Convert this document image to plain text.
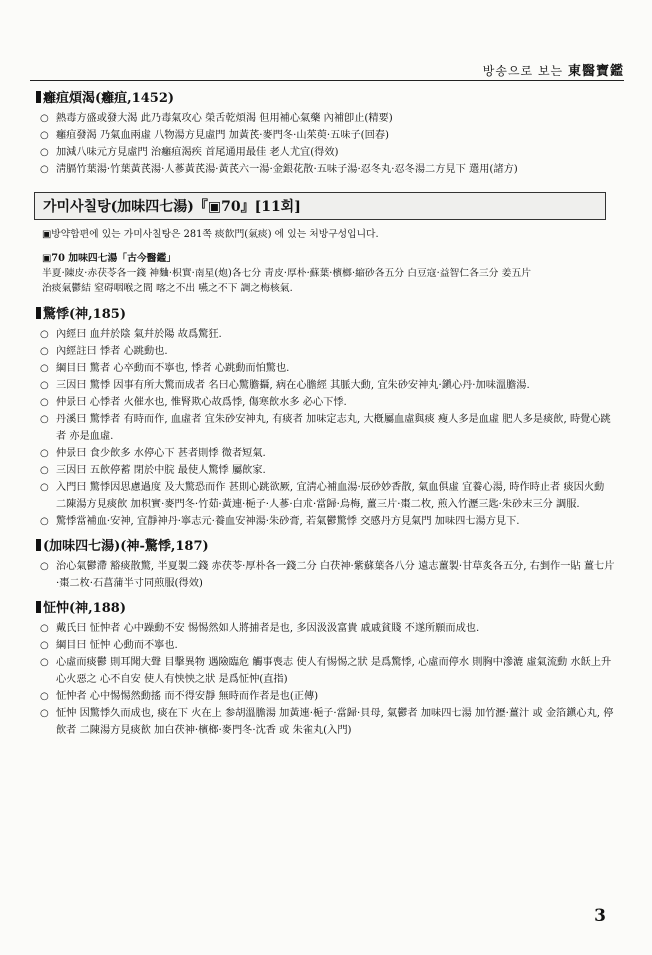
방송으로 보는 東醫寶鑑
癰疽煩渴(癰疽,1452)
○ 熱毒方盛或發大渴 此乃毒氣攻心 榮舌乾煩渴 但用補心氣藥 內補卽止(精要)
○ 癰疽發渴 乃氣血兩虛 八物湯方見虛門 加黃芪·麥門冬·山茱萸·五味子(回春)
○ 加減八味元方見虛門 治癰疽渴疾 首尾通用最佳 老人尤宜(得效)
○ 淸膈竹葉湯·竹葉黃芪湯·人蔘黃芪湯·黃芪六一湯·金銀花散·五味子湯·忍冬丸·忍冬湯二方見下 選用(諸方)
가미사칠탕(加味四七湯)『▣70』[11회]
▣방약합편에 있는 가미사칠탕은 281쪽 痰飮門(氣痰) 에 있는 처방구성입니다.
▣70 加味四七湯「古今醫鑑」
半夏·陳皮·赤茯苓各一錢 神麯·枳實·南星(炮)各七分 靑皮·厚朴·蘇葉·檳榔·縮砂各五分 白豆寇·益智仁各三分 姜五片
治痰氣鬱結 窒碍咽喉之間 喀之不出 嚥之不下 調之梅核氣.
驚悸(神,185)
○ 內經曰 血幷於陰 氣幷於陽 故爲驚狂.
○ 內經註曰 悸者 心跳動也.
○ 綱目曰 驚者 心卒動而不寧也, 悸者 心跳動而怕驚也.
○ 三因曰 驚悸 因事有所大驚而成者 名曰心驚膽攝, 病在心膽經 其脈大動, 宜朱砂安神丸·鎭心丹·加味溫膽湯.
○ 仲景曰 心悸者 火催水也, 惟腎欺心故爲悸, 傷寒飮水多 必心下悸.
○ 丹溪曰 驚悸者 有時而作, 血虛者 宜朱砂安神丸, 有痰者 加味定志丸, 大槪屬血虛與痰 瘦人多是血虛 肥人多是痰飮, 時覺心跳者 亦是血虛.
○ 仲景曰 食少飮多 水停心下 甚者則悸 微者短氣.
○ 三因曰 五飮停蓄 閉於中脘 最使人驚悸 屬飮家.
○ 入門曰 驚悸因思慮過度 及大驚恐而作 甚則心跳欲厥, 宜淸心補血湯·辰砂妙香散, 氣血俱虛 宜養心湯, 時作時止者 痰因火動 二陳湯方見痰飮 加枳實·麥門冬·竹茹·黃連·梔子·人蔘·白朮·當歸·烏梅, 薑三片·棗二枚, 煎入竹瀝三匙·朱砂末三分 調服.
○ 驚悸當補血·安神, 宜靜神丹·寧志元·養血安神湯·朱砂膏, 若氣鬱驚悸 交感丹方見氣門 加味四七湯方見下.
(加味四七湯)(神-驚悸,187)
○ 治心氣鬱滯 豁痰散驚, 半夏製二錢 赤茯苓·厚朴各一錢二分 白茯神·紫蘇葉各八分 遠志薑製·甘草炙各五分, 右剉作一貼 薑七片·棗二枚·石菖蒲半寸同煎服(得效)
怔忡(神,188)
○ 戴氏曰 怔忡者 心中躁動不安 惕惕然如人將捕者是也, 多因汲汲富貴 戚戚貧賤 不遂所願而成也.
○ 綱目曰 怔忡 心動而不寧也.
○ 心虛而痰鬱 則耳聞大聲 目擊異物 遇險臨危 觸事喪志 使人有惕惕之狀 是爲驚悸, 心虛而停水 則胸中滲漉 虛氣流動 水飫上升 心火惡之 心不自安 使人有怏怏之狀 是爲怔忡(直指)
○ 怔忡者 心中惕惕然動搖 而不得安靜 無時而作者是也(正傳)
○ 怔忡 因驚悸久而成也, 痰在下 火在上 参胡溫膽湯 加黃連·梔子·當歸·貝母, 氣鬱者 加味四七湯 加竹瀝·薑汁 或 金箔鎭心丸, 停飮者 二陳湯方見痰飮 加白茯神·檳榔·麥門冬·沈香 或 朱雀丸(入門)
3
